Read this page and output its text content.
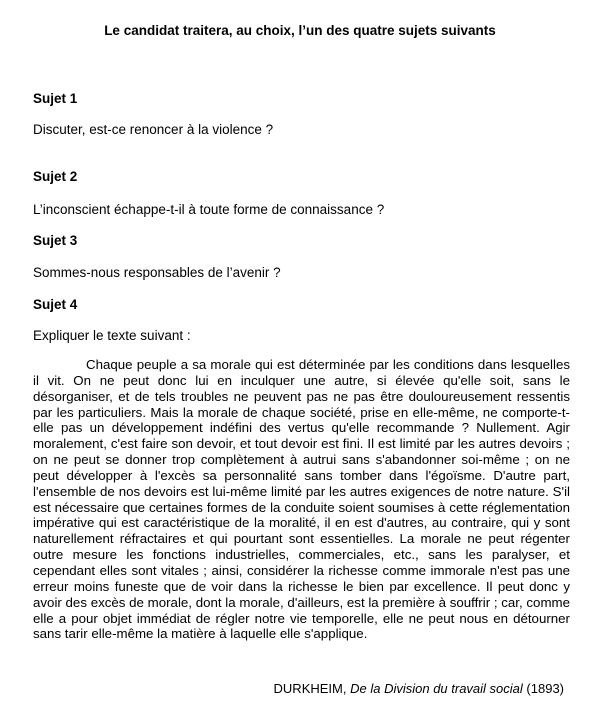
Le candidat traitera, au choix, l’un des quatre sujets suivants
Sujet 1
Discuter, est-ce renoncer à la violence ?
Sujet 2
L’inconscient échappe-t-il à toute forme de connaissance ?
Sujet 3
Sommes-nous responsables de l’avenir ?
Sujet 4
Expliquer le texte suivant :

Chaque peuple a sa morale qui est déterminée par les conditions dans lesquelles il vit. On ne peut donc lui en inculquer une autre, si élevée qu'elle soit, sans le désorganiser, et de tels troubles ne peuvent pas ne pas être douloureusement ressentis par les particuliers. Mais la morale de chaque société, prise en elle-même, ne comporte-t-elle pas un développement indéfini des vertus qu'elle recommande ? Nullement. Agir moralement, c'est faire son devoir, et tout devoir est fini. Il est limité par les autres devoirs ; on ne peut se donner trop complètement à autrui sans s'abandonner soi-même ; on ne peut développer à l'excès sa personnalité sans tomber dans l'égoïsme. D'autre part, l'ensemble de nos devoirs est lui-même limité par les autres exigences de notre nature. S'il est nécessaire que certaines formes de la conduite soient soumises à cette réglementation impérative qui est caractéristique de la moralité, il en est d'autres, au contraire, qui y sont naturellement réfractaires et qui pourtant sont essentielles. La morale ne peut régenter outre mesure les fonctions industrielles, commerciales, etc., sans les paralyser, et cependant elles sont vitales ; ainsi, considérer la richesse comme immorale n'est pas une erreur moins funeste que de voir dans la richesse le bien par excellence. Il peut donc y avoir des excès de morale, dont la morale, d'ailleurs, est la première à souffrir ; car, comme elle a pour objet immédiat de régler notre vie temporelle, elle ne peut nous en détourner sans tarir elle-même la matière à laquelle elle s'applique.

DURKHEIM, De la Division du travail social (1893)
